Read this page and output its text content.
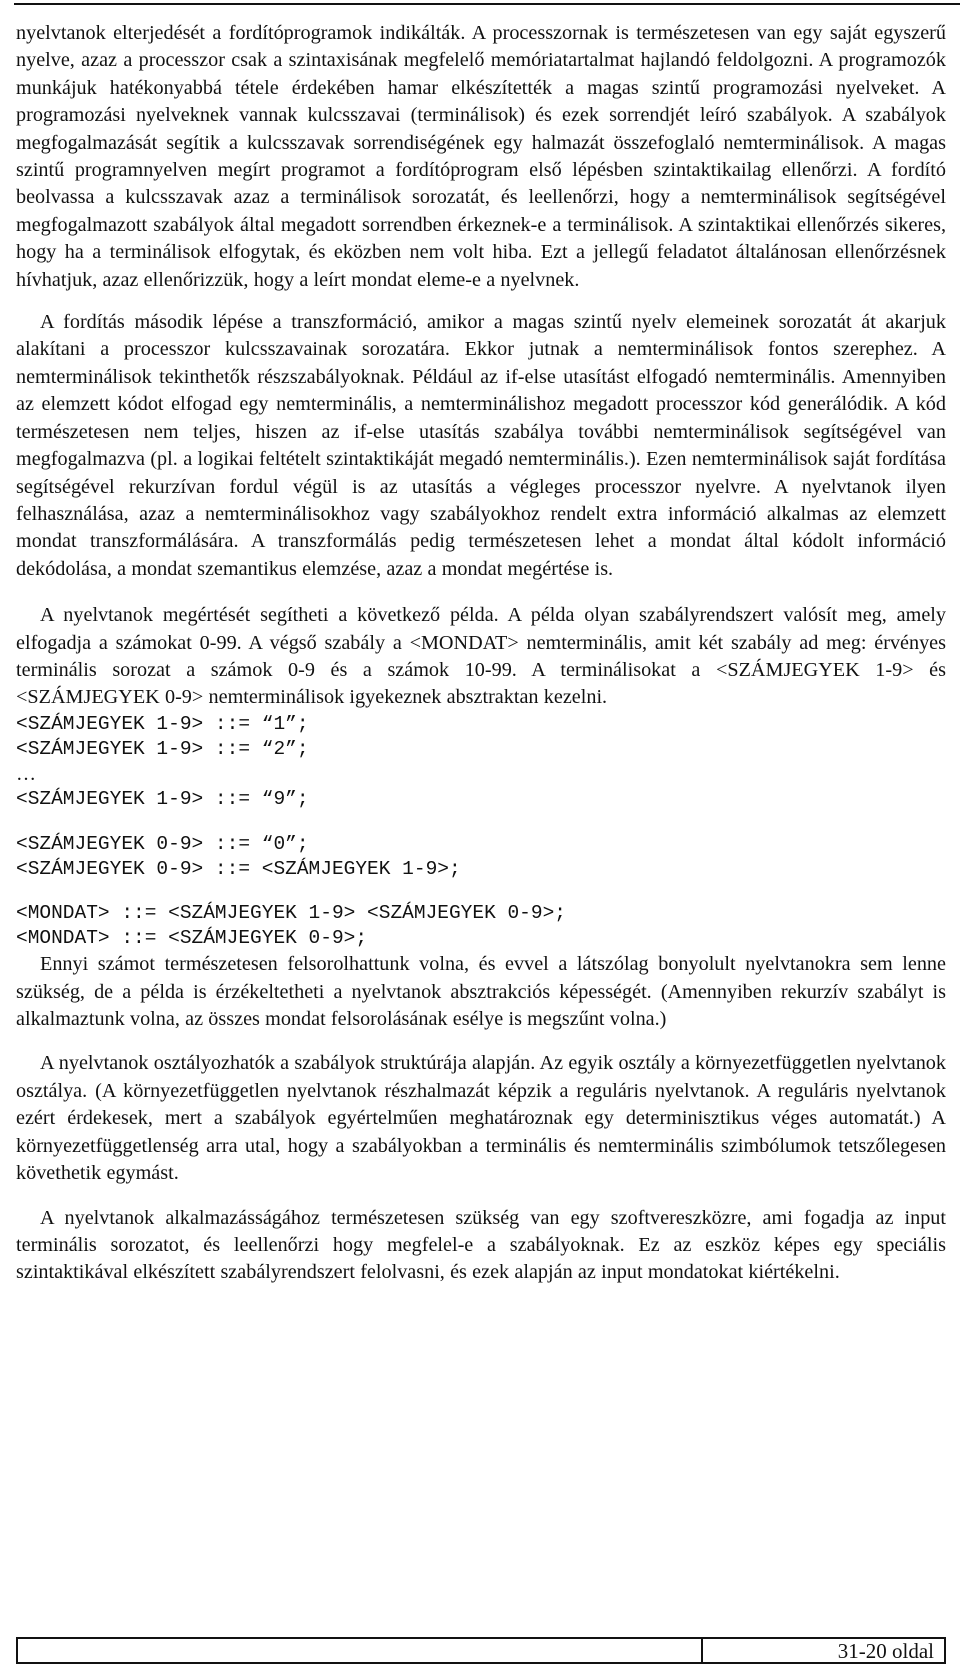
nyelvtanok elterjedését a fordítóprogramok indikálták. A processzornak is természetesen van egy saját egyszerű nyelve, azaz a processzor csak a szintaxisának megfelelő memóriatartalmat hajlandó feldolgozni. A programozók munkájuk hatékonyabbá tétele érdekében hamar elkészítették a magas szintű programozási nyelveket. A programozási nyelveknek vannak kulcsszavai (terminálisok) és ezek sorrendjét leíró szabályok. A szabályok megfogalmazását segítik a kulcsszavak sorrendiségének egy halmazát összefoglaló nemterminálisok. A magas szintű programnyelven megírt programot a fordítóprogram első lépésben szintaktikailag ellenőrzi. A fordító beolvassa a kulcsszavak azaz a terminálisok sorozatát, és leellenőrzi, hogy a nemterminálisok segítségével megfogalmazott szabályok által megadott sorrendben érkeznek-e a terminálisok. A szintaktikai ellenőrzés sikeres, hogy ha a terminálisok elfogytak, és eközben nem volt hiba. Ezt a jellegű feladatot általánosan ellenőrzésnek hívhatjuk, azaz ellenőrizzük, hogy a leírt mondat eleme-e a nyelvnek.

A fordítás második lépése a transzformáció, amikor a magas szintű nyelv elemeinek sorozatát át akarjuk alakítani a processzor kulcsszavainak sorozatára. Ekkor jutnak a nemterminálisok fontos szerephez. A nemterminálisok tekinthetők részszabályoknak. Például az if-else utasítást elfogadó nemterminális. Amennyiben az elemzett kódot elfogad egy nemterminális, a nemterminálishoz megadott processzor kód generálódik. A kód természetesen nem teljes, hiszen az if-else utasítás szabálya további nemterminálisok segítségével van megfogalmazva (pl. a logikai feltételt szintaktikáját megadó nemterminális.). Ezen nemterminálisok saját fordítása segítségével rekurzívan fordul végül is az utasítás a végleges processzor nyelvre. A nyelvtanok ilyen felhasználása, azaz a nemterminálisokhoz vagy szabályokhoz rendelt extra információ alkalmas az elemzett mondat transzformálására. A transzformálás pedig természetesen lehet a mondat által kódolt információ dekódolása, a mondat szemantikus elemzése, azaz a mondat megértése is.

A nyelvtanok megértését segítheti a következő példa. A példa olyan szabályrendszert valósít meg, amely elfogadja a számokat 0-99. A végső szabály a <MONDAT> nemterminális, amit két szabály ad meg: érvényes terminális sorozat a számok 0-9 és a számok 10-99. A terminálisokat a <SZÁMJEGYEK 1-9> és <SZÁMJEGYEK 0-9> nemterminálisok igyekeznek absztraktan kezelni.

<SZÁMJEGYEK 1-9> ::= “1”;
<SZÁMJEGYEK 1-9> ::= “2”;
…
<SZÁMJEGYEK 1-9> ::= “9”;
<SZÁMJEGYEK 0-9> ::= “0”;
<SZÁMJEGYEK 0-9> ::= <SZÁMJEGYEK 1-9>;
<MONDAT> ::= <SZÁMJEGYEK 1-9> <SZÁMJEGYEK 0-9>;
<MONDAT> ::= <SZÁMJEGYEK 0-9>;

Ennyi számot természetesen felsorolhattunk volna, és evvel a látszólag bonyolult nyelvtanokra sem lenne szükség, de a példa is érzékeltetheti a nyelvtanok absztrakciós képességét. (Amennyiben rekurzív szabályt is alkalmaztunk volna, az összes mondat felsorolásának esélye is megszűnt volna.)

A nyelvtanok osztályozhatók a szabályok struktúrája alapján. Az egyik osztály a környezetfüggetlen nyelvtanok osztálya. (A környezetfüggetlen nyelvtanok részhalmazát képzik a reguláris nyelvtanok. A reguláris nyelvtanok ezért érdekesek, mert a szabályok egyértelműen meghatároznak egy determinisztikus véges automatát.) A környezetfüggetlenség arra utal, hogy a szabályokban a terminális és nemterminális szimbólumok tetszőlegesen követhetik egymást.

A nyelvtanok alkalmazásságához természetesen szükség van egy szoftvereszközre, ami fogadja az input terminális sorozatot, és leellenőrzi hogy megfelel-e a szabályoknak. Ez az eszköz képes egy speciális szintaktikával elkészített szabályrendszert felolvasni, és ezek alapján az input mondatokat kiértékelni.

31-20 oldal
